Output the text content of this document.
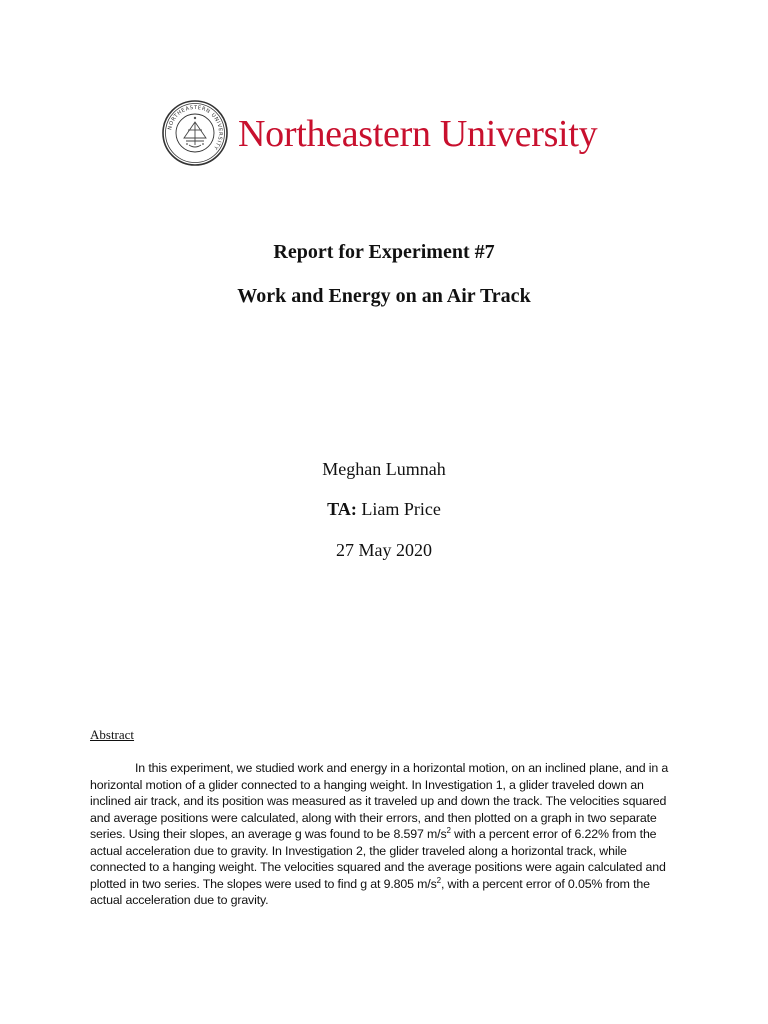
NORTHEASTERN UNIVERSITY Northeastern University
Report for Experiment #7
Work and Energy on an Air Track
Meghan Lumnah
TA: Liam Price
27 May 2020
Abstract

In this experiment, we studied work and energy in a horizontal motion, on an inclined plane, and in a horizontal motion of a glider connected to a hanging weight. In Investigation 1, a glider traveled down an inclined air track, and its position was measured as it traveled up and down the track. The velocities squared and average positions were calculated, along with their errors, and then plotted on a graph in two separate series. Using their slopes, an average g was found to be 8.597 $m/s^2$ with a percent error of 6.22% from the actual acceleration due to gravity. In Investigation 2, the glider traveled along a horizontal track, while connected to a hanging weight. The velocities squared and the average positions were again calculated and plotted in two series. The slopes were used to find g at 9.805 $m/s^2$, with a percent error of 0.05% from the actual acceleration due to gravity.
